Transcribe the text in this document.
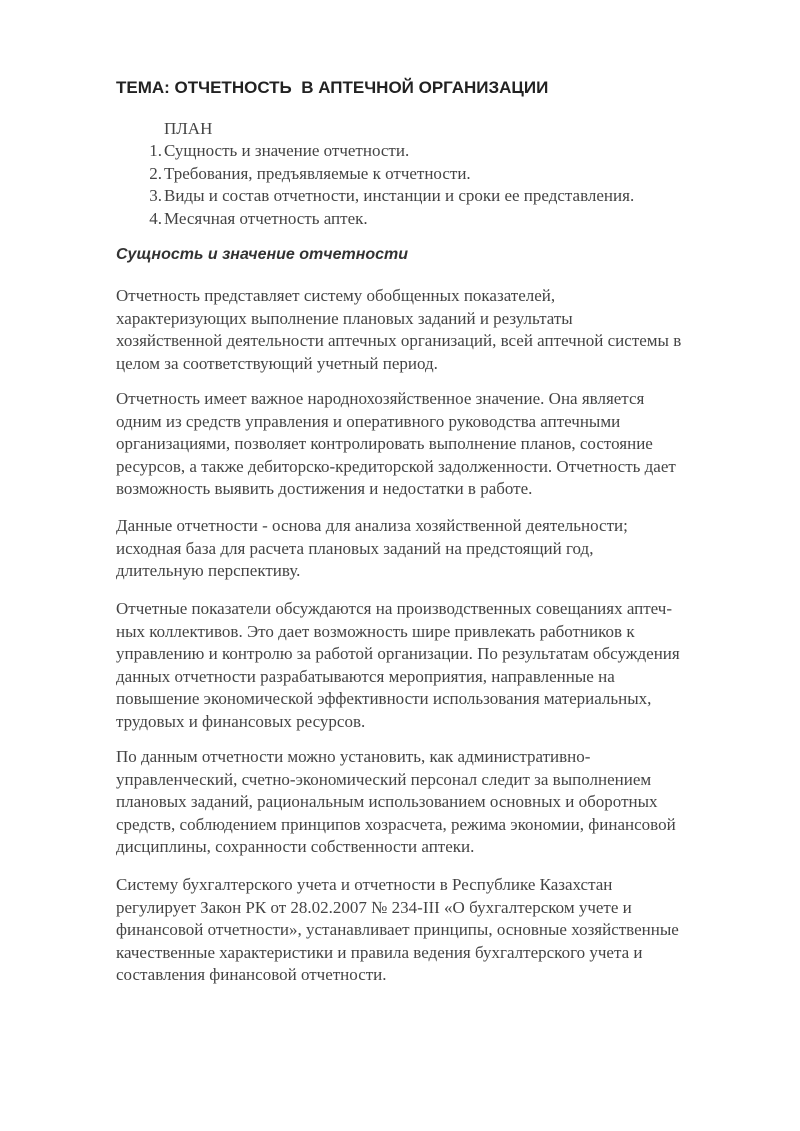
ТЕМА: ОТЧЕТНОСТЬ  В АПТЕЧНОЙ ОРГАНИЗАЦИИ
ПЛАН
1. Сущность и значение отчетности.
2. Требования, предъявляемые к отчетности.
3. Виды и состав отчетности, инстанции и сроки ее представления.
4. Месячная отчетность аптек.
Сущность и значение отчетности
Отчетность представляет систему обобщенных показателей,
характеризующих выполнение плановых заданий и результаты
хозяйственной деятельности аптечных организаций, всей аптечной системы в
целом за соответствующий учетный период.
Отчетность имеет важное народнохозяйственное значение. Она является
одним из средств управления и оперативного руководства аптечными
организациями, позволяет контролировать выполнение планов, состояние
ресурсов, а также дебиторско-кредиторской задолженности. Отчетность дает
возможность выявить достижения и недостатки в работе.
Данные отчетности - основа для анализа хозяйственной деятельности;
исходная база для расчета плановых заданий на предстоящий год,
длительную перспективу.
Отчетные показатели обсуждаются на производственных совещаниях аптеч-
ных коллективов. Это дает возможность шире привлекать работников к
управлению и контролю за работой организации. По результатам обсуждения
данных отчетности разрабатываются мероприятия, направленные на
повышение экономической эффективности использования материальных,
трудовых и финансовых ресурсов.
По данным отчетности можно установить, как административно-
управленческий, счетно-экономический персонал следит за выполнением
плановых заданий, рациональным использованием основных и оборотных
средств, соблюдением принципов хозрасчета, режима экономии, финансовой
дисциплины, сохранности собственности аптеки.
Систему бухгалтерского учета и отчетности в Республике Казахстан
регулирует Закон РК от 28.02.2007 № 234-III «О бухгалтерском учете и
финансовой отчетности», устанавливает принципы, основные хозяйственные
качественные характеристики и правила ведения бухгалтерского учета и
составления финансовой отчетности.
